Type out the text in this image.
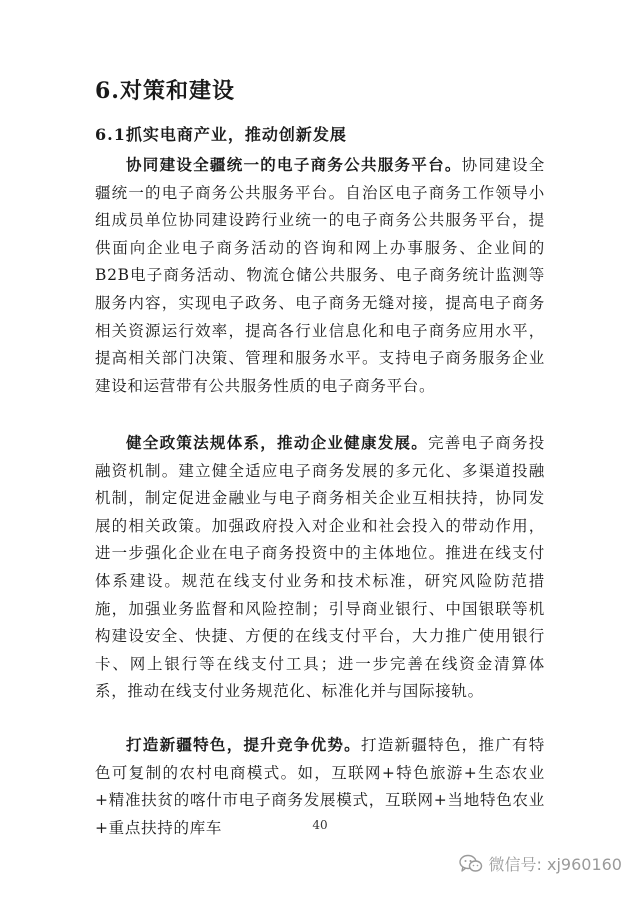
6.对策和建设
6.1抓实电商产业，推动创新发展

协同建设全疆统一的电子商务公共服务平台。协同建设全疆统一的电子商务公共服务平台。自治区电子商务工作领导小组成员单位协同建设跨行业统一的电子商务公共服务平台，提供面向企业电子商务活动的咨询和网上办事服务、企业间的B2B电子商务活动、物流仓储公共服务、电子商务统计监测等服务内容，实现电子政务、电子商务无缝对接，提高电子商务相关资源运行效率，提高各行业信息化和电子商务应用水平，提高相关部门决策、管理和服务水平。支持电子商务服务企业建设和运营带有公共服务性质的电子商务平台。

健全政策法规体系，推动企业健康发展。完善电子商务投融资机制。建立健全适应电子商务发展的多元化、多渠道投融机制，制定促进金融业与电子商务相关企业互相扶持，协同发展的相关政策。加强政府投入对企业和社会投入的带动作用，进一步强化企业在电子商务投资中的主体地位。推进在线支付体系建设。规范在线支付业务和技术标准，研究风险防范措施，加强业务监督和风险控制；引导商业银行、中国银联等机构建设安全、快捷、方便的在线支付平台，大力推广使用银行卡、网上银行等在线支付工具；进一步完善在线资金清算体系，推动在线支付业务规范化、标准化并与国际接轨。

打造新疆特色，提升竞争优势。打造新疆特色，推广有特色可复制的农村电商模式。如，互联网+特色旅游+生态农业+精准扶贫的喀什市电子商务发展模式，互联网+当地特色农业+重点扶持的库车	40

微信号: xj960160
